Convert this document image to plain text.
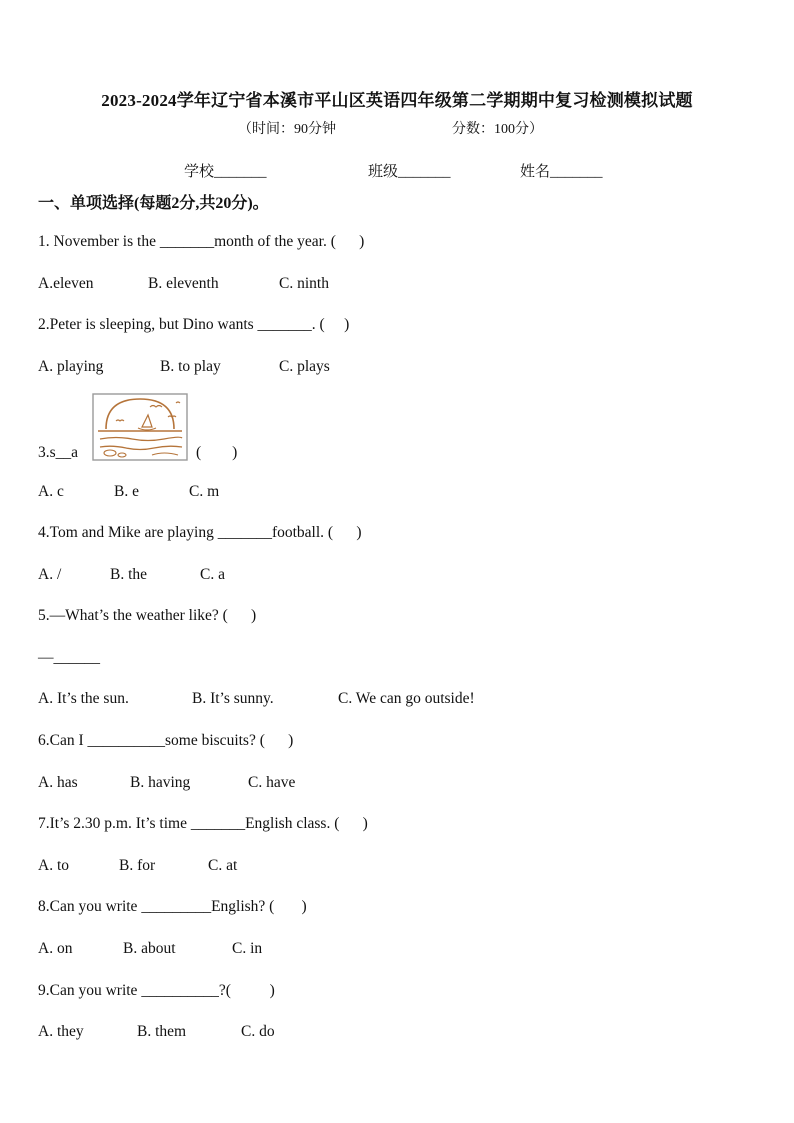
2023-2024学年辽宁省本溪市平山区英语四年级第二学期期中复习检测模拟试题
（时间：90分钟	分数：100分）
学校_______	班级_______	姓名_______
一、单项选择(每题2分,共20分)。
1. November is the _______month of the year. (      )
A.eleven	B. eleventh	C. ninth
2.Peter is sleeping, but Dino wants _______. (     )
A. playing	B. to play	C. plays
3.s__a	(        )
A. c	B. e	C. m
4.Tom and Mike are playing _______football. (      )
A. /	B. the	C. a
5.—What’s the weather like? (      )
—______
A. It’s the sun.	B. It’s sunny.	C. We can go outside!
6.Can I __________some biscuits? (      )
A. has	B. having	C. have
7.It’s 2.30 p.m. It’s time _______English class. (      )
A. to	B. for	C. at
8.Can you write _________English? (       )
A. on	B. about	C. in
9.Can you write __________?(          )
A. they	B. them	C. do
